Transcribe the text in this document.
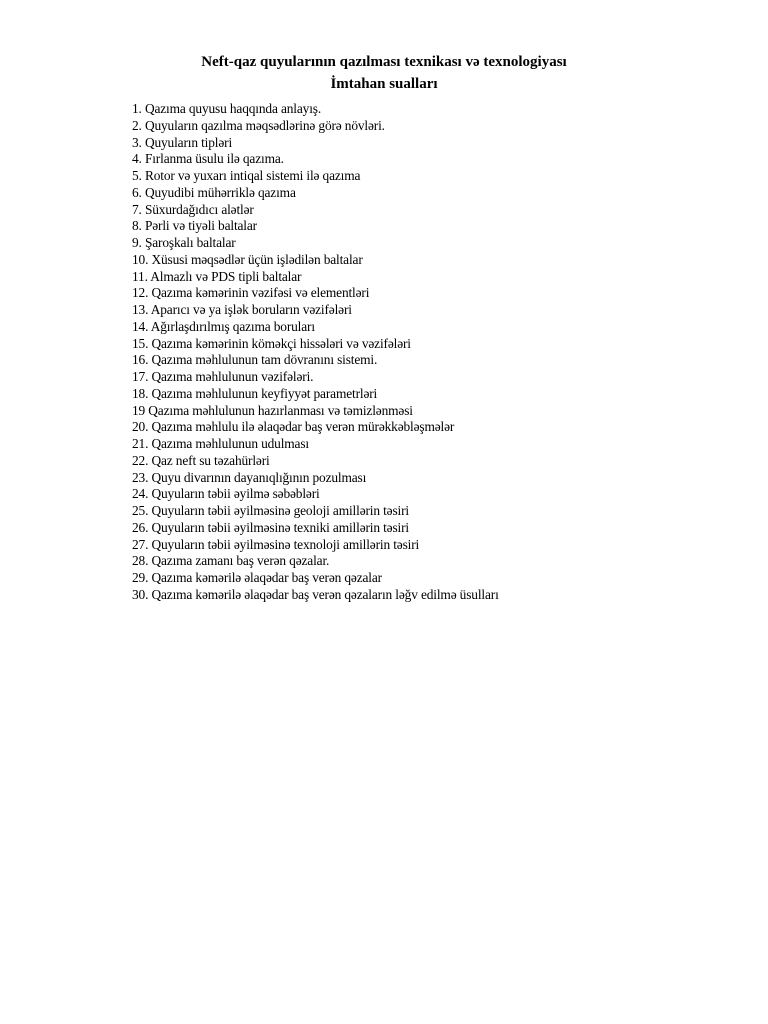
Neft-qaz quyularının qazılması texnikası və texnologiyası
İmtahan sualları
1. Qazıma quyusu haqqında anlayış.
2. Quyuların qazılma məqsədlərinə görə növləri.
3. Quyuların tipləri
4. Fırlanma üsulu ilə qazıma.
5. Rotor və yuxarı intiqal sistemi ilə qazıma
6. Quyudibi mühərriklə qazıma
7. Süxurdağıdıcı alətlər
8. Pərli və tiyəli baltalar
9. Şaroşkalı baltalar
10. Xüsusi məqsədlər üçün işlədilən baltalar
11. Almazlı və PDS tipli baltalar
12. Qazıma kəmərinin vəzifəsi və elementləri
13. Aparıcı və ya işlək boruların vəzifələri
14. Ağırlaşdırılmış qazıma boruları
15. Qazıma kəmərinin köməkçi hissələri və vəzifələri
16. Qazıma məhlulunun tam dövranını sistemi.
17. Qazıma məhlulunun vəzifələri.
18. Qazıma məhlulunun keyfiyyət parametrləri
19 Qazıma məhlulunun hazırlanması və təmizlənməsi
20. Qazıma məhlulu ilə əlaqədar baş verən mürəkkəbləşmələr
21. Qazıma məhlulunun udulması
22. Qaz neft su təzahürləri
23. Quyu divarının dayanıqlığının pozulması
24. Quyuların təbii əyilmə səbəbləri
25. Quyuların təbii əyilməsinə geoloji amillərin təsiri
26. Quyuların təbii əyilməsinə texniki amillərin təsiri
27. Quyuların təbii əyilməsinə texnoloji amillərin təsiri
28. Qazıma zamanı baş verən qəzalar.
29. Qazıma kəmərilə əlaqədar baş verən qəzalar
30. Qazıma kəmərilə əlaqədar baş verən qəzaların ləğv edilmə üsulları
